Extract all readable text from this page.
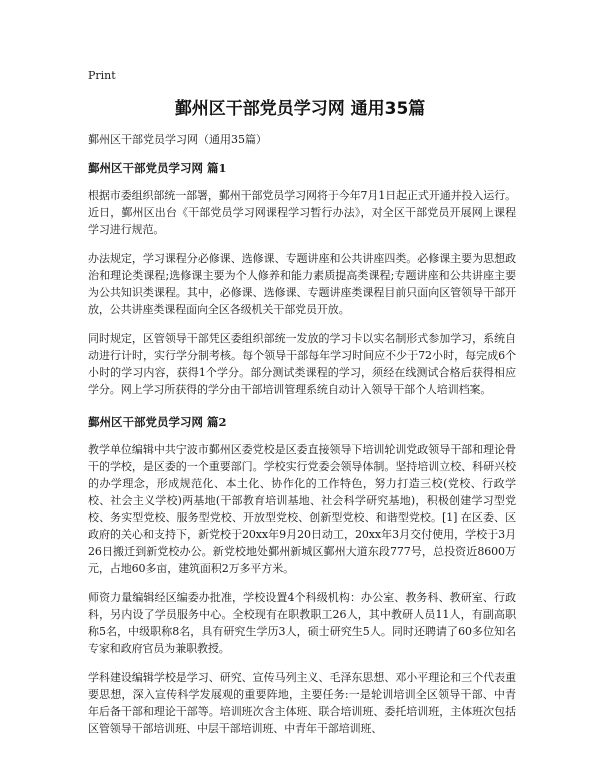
Print
鄞州区干部党员学习网 通用35篇

鄞州区干部党员学习网（通用35篇）

鄞州区干部党员学习网 篇1

根据市委组织部统一部署，鄞州干部党员学习网将于今年7月1日起正式开通并投入运行。近日，鄞州区出台《干部党员学习网课程学习暂行办法》，对全区干部党员开展网上课程学习进行规范。

办法规定，学习课程分必修课、选修课、专题讲座和公共讲座四类。必修课主要为思想政治和理论类课程;选修课主要为个人修养和能力素质提高类课程;专题讲座和公共讲座主要为公共知识类课程。其中，必修课、选修课、专题讲座类课程目前只面向区管领导干部开放，公共讲座类课程面向全区各级机关干部党员开放。

同时规定，区管领导干部凭区委组织部统一发放的学习卡以实名制形式参加学习，系统自动进行计时，实行学分制考核。每个领导干部每年学习时间应不少于72小时，每完成6个小时的学习内容，获得1个学分。部分测试类课程的学习，须经在线测试合格后获得相应学分。网上学习所获得的学分由干部培训管理系统自动计入领导干部个人培训档案。

鄞州区干部党员学习网 篇2

教学单位编辑中共宁波市鄞州区委党校是区委直接领导下培训轮训党政领导干部和理论骨干的学校，是区委的一个重要部门。学校实行党委会领导体制。坚持培训立校、科研兴校的办学理念，形成规范化、本土化、协作化的工作特色，努力打造三校(党校、行政学校、社会主义学校)两基地(干部教育培训基地、社会科学研究基地)，积极创建学习型党校、务实型党校、服务型党校、开放型党校、创新型党校、和谐型党校。[1] 在区委、区政府的关心和支持下，新党校于20xx年9月20日动工，20xx年3月交付使用，学校于3月26日搬迁到新党校办公。新党校地处鄞州新城区鄞州大道东段777号，总投资近8600万元，占地60多亩，建筑面积2万多平方米。

师资力量编辑经区编委办批准，学校设置4个科级机构：办公室、教务科、教研室、行政科，另内设了学员服务中心。全校现有在职教职工26人，其中教研人员11人，有副高职称5名，中级职称8名，具有研究生学历3人，硕士研究生5人。同时还聘请了60多位知名专家和政府官员为兼职教授。

学科建设编辑学校是学习、研究、宣传马列主义、毛泽东思想、邓小平理论和三个代表重要思想，深入宣传科学发展观的重要阵地，主要任务:一是轮训培训全区领导干部、中青年后备干部和理论干部等。培训班次含主体班、联合培训班、委托培训班，主体班次包括区管领导干部培训班、中层干部培训班、中青年干部培训班、
